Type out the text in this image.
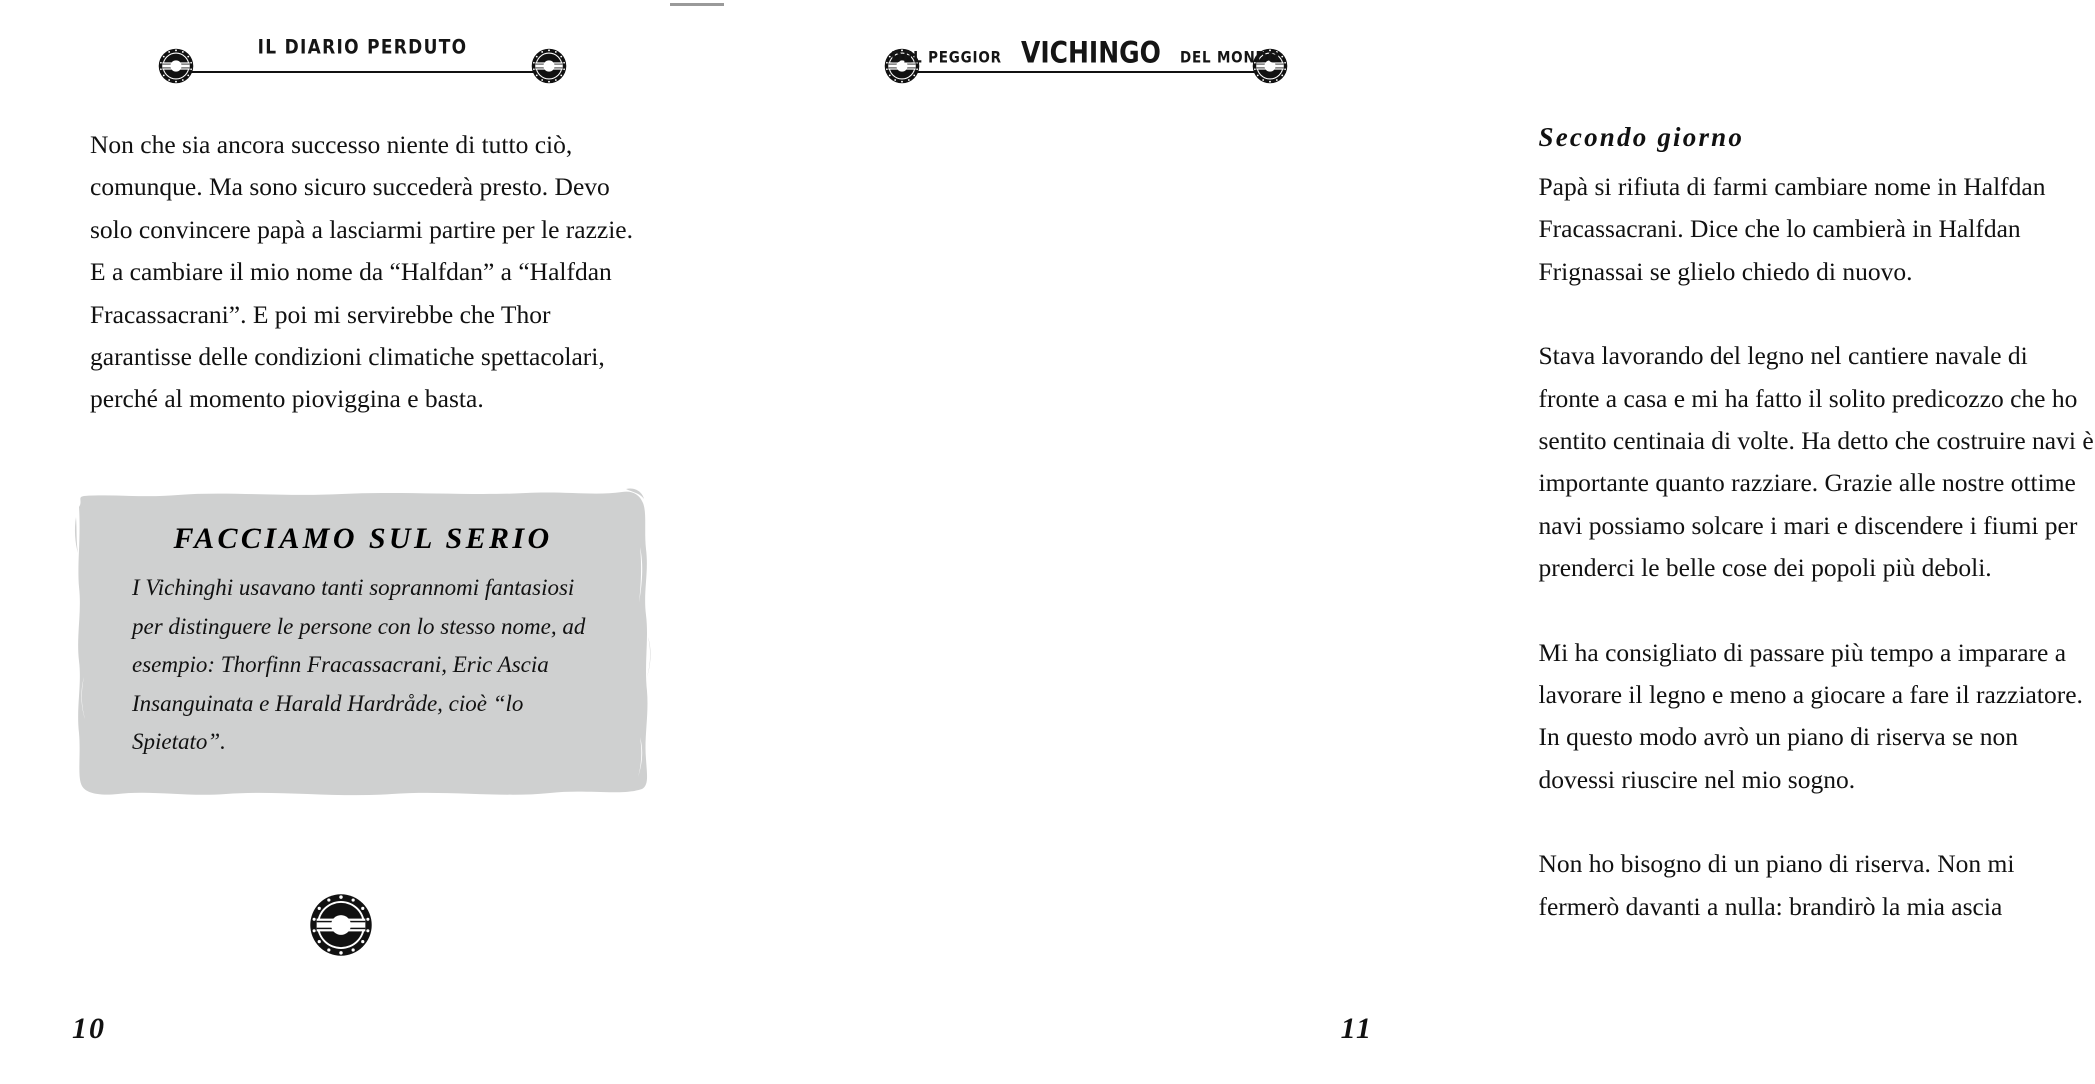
IL DIARIO PERDUTO

Non che sia ancora successo niente di tutto ciò, comunque. Ma sono sicuro succederà presto. Devo solo convincere papà a lasciarmi partire per le razzie. E a cambiare il mio nome da “Halfdan” a “Halfdan Fracassacrani”. E poi mi servirebbe che Thor garantisse delle condizioni climatiche spettacolari, perché al momento pioviggina e basta.

FACCIAMO SUL SERIO
I Vichinghi usavano tanti soprannomi fantasiosi per distinguere le persone con lo stesso nome, ad esempio: Thorfinn Fracassacrani, Eric Ascia Insanguinata e Harald Hardråde, cioè “lo Spietato”.
10
DEL PEGGIOR VICHINGO DEL MONDO
Secondo giorno

Papà si rifiuta di farmi cambiare nome in Halfdan Fracassacrani. Dice che lo cambierà in Halfdan Frignassai se glielo chiedo di nuovo.

Stava lavorando del legno nel cantiere navale di fronte a casa e mi ha fatto il solito predicozzo che ho sentito centinaia di volte. Ha detto che costruire navi è importante quanto razziare. Grazie alle nostre ottime navi possiamo solcare i mari e discendere i fiumi per prenderci le belle cose dei popoli più deboli.

Mi ha consigliato di passare più tempo a imparare a lavorare il legno e meno a giocare a fare il razziatore. In questo modo avrò un piano di riserva se non dovessi riuscire nel mio sogno.

Non ho bisogno di un piano di riserva. Non mi fermerò davanti a nulla: brandirò la mia ascia

11
